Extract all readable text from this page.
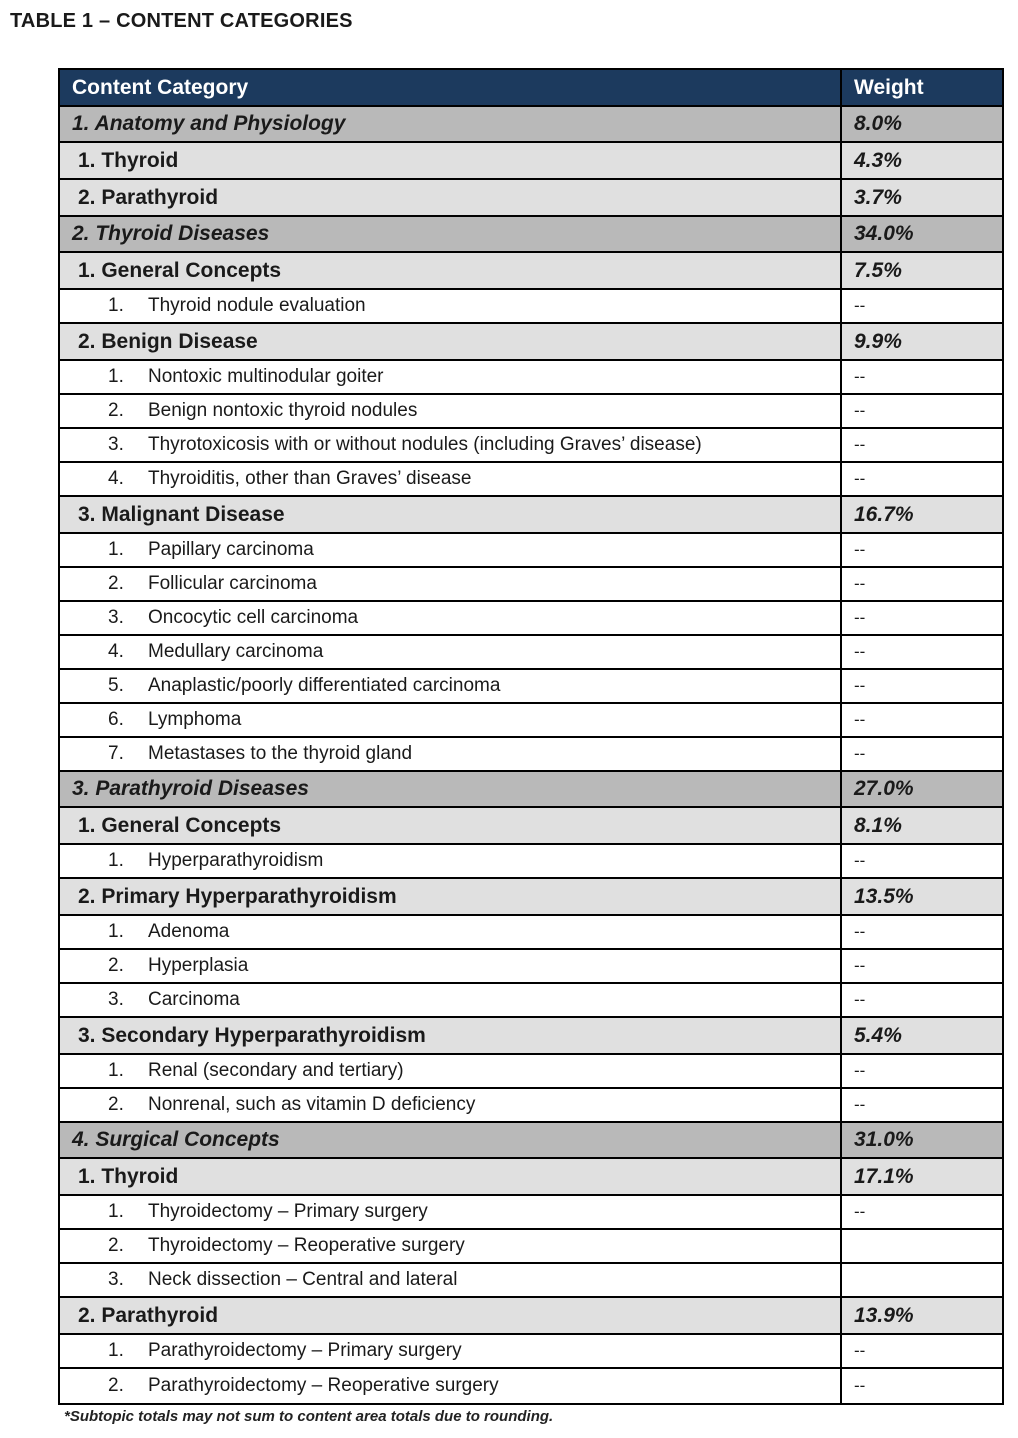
TABLE 1 – CONTENT CATEGORIES
Content Category	Weight
1. Anatomy and Physiology	8.0%
1. Thyroid	4.3%
2. Parathyroid	3.7%
2. Thyroid Diseases	34.0%
1. General Concepts	7.5%
1.	Thyroid nodule evaluation	--
2. Benign Disease	9.9%
1.	Nontoxic multinodular goiter	--
2.	Benign nontoxic thyroid nodules	--
3.	Thyrotoxicosis with or without nodules (including Graves’ disease)	--
4.	Thyroiditis, other than Graves’ disease	--
3. Malignant Disease	16.7%
1.	Papillary carcinoma	--
2.	Follicular carcinoma	--
3.	Oncocytic cell carcinoma	--
4.	Medullary carcinoma	--
5.	Anaplastic/poorly differentiated carcinoma	--
6.	Lymphoma	--
7.	Metastases to the thyroid gland	--
3. Parathyroid Diseases	27.0%
1. General Concepts	8.1%
1.	Hyperparathyroidism	--
2. Primary Hyperparathyroidism	13.5%
1.	Adenoma	--
2.	Hyperplasia	--
3.	Carcinoma	--
3. Secondary Hyperparathyroidism	5.4%
1.	Renal (secondary and tertiary)	--
2.	Nonrenal, such as vitamin D deficiency	--
4. Surgical Concepts	31.0%
1. Thyroid	17.1%
1.	Thyroidectomy – Primary surgery	--
2.	Thyroidectomy – Reoperative surgery
3.	Neck dissection – Central and lateral
2. Parathyroid	13.9%
1.	Parathyroidectomy – Primary surgery	--
2.	Parathyroidectomy – Reoperative surgery	--
*Subtopic totals may not sum to content area totals due to rounding.
